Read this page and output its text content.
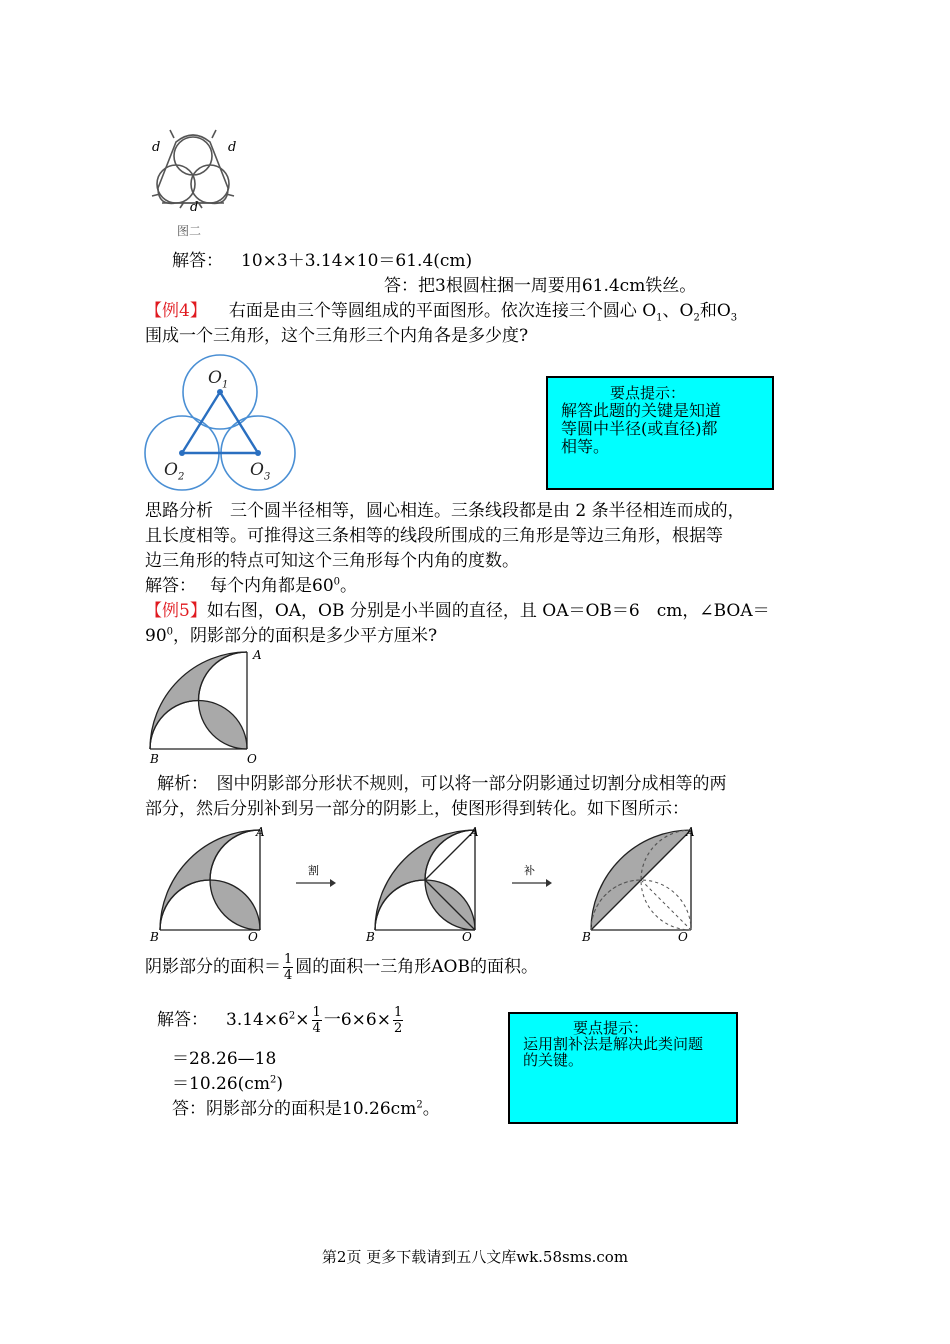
d	d
d
图二
解答： 10×3＋3.14×10＝61.4(cm)
答：把3根圆柱捆一周要用61.4cm铁丝。
【例4】 右面是由三个等圆组成的平面图形。依次连接三个圆心 $O_1$、$O_2$和$O_3$
围成一个三角形，这个三角形三个内角各是多少度?
$O_1$
$O_2$	$O_3$
要点提示：
解答此题的关键是知道
等圆中半径(或直径)都
相等。
思路分析　三个圆半径相等，圆心相连。三条线段都是由 2 条半径相连而成的，
且长度相等。可推得这三条相等的线段所围成的三角形是等边三角形，根据等
边三角形的特点可知这个三角形每个内角的度数。
解答： 每个内角都是$60^0$。
【例5】如右图，OA，OB 分别是小半圆的直径，且 OA＝OB＝6　cm，∠BOA＝
$90^0$，阴影部分的面积是多少平方厘米?
A
B	O
解析：　图中阴影部分形状不规则，可以将一部分阴影通过切割分成相等的两
部分，然后分别补到另一部分的阴影上，使图形得到转化。如下图所示：
A
B	O
割
A
B	O
补
A
B	O
阴影部分的面积＝ $\frac{1}{4}$ 圆的面积一三角形AOB的面积。
解答： $3.14\times 6^2\times \frac{1}{4}$ 一$6\times 6\times \frac{1}{2}$
＝28.26—18
$=10.26(cm^2)$
答：阴影部分的面积是$10.26cm^2$。
要点提示：
运用割补法是解决此类问题
的关键。
第2页 更多下载请到五八文库wk.58sms.com
